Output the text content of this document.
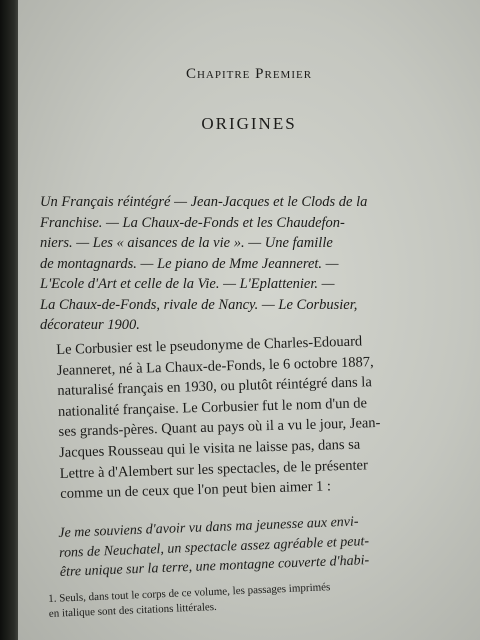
Chapitre Premier
ORIGINES
Un Français réintégré — Jean-Jacques et le Clods de la
Franchise. — La Chaux-de-Fonds et les Chaudefon-
niers. — Les « aisances de la vie ». — Une famille
de montagnards. — Le piano de Mme Jeanneret. —
L'Ecole d'Art et celle de la Vie. — L'Eplattenier. —
La Chaux-de-Fonds, rivale de Nancy. — Le Corbusier,
décorateur 1900.
Le Corbusier est le pseudonyme de Charles-Edouard
Jeanneret, né à La Chaux-de-Fonds, le 6 octobre 1887,
naturalisé français en 1930, ou plutôt réintégré dans la
nationalité française. Le Corbusier fut le nom d'un de
ses grands-pères. Quant au pays où il a vu le jour, Jean-
Jacques Rousseau qui le visita ne laisse pas, dans sa
Lettre à d'Alembert sur les spectacles, de le présenter
comme un de ceux que l'on peut bien aimer 1 :
Je me souviens d'avoir vu dans ma jeunesse aux envi-
rons de Neuchatel, un spectacle assez agréable et peut-
être unique sur la terre, une montagne couverte d'habi-
1. Seuls, dans tout le corps de ce volume, les passages imprimés
en italique sont des citations littérales.
